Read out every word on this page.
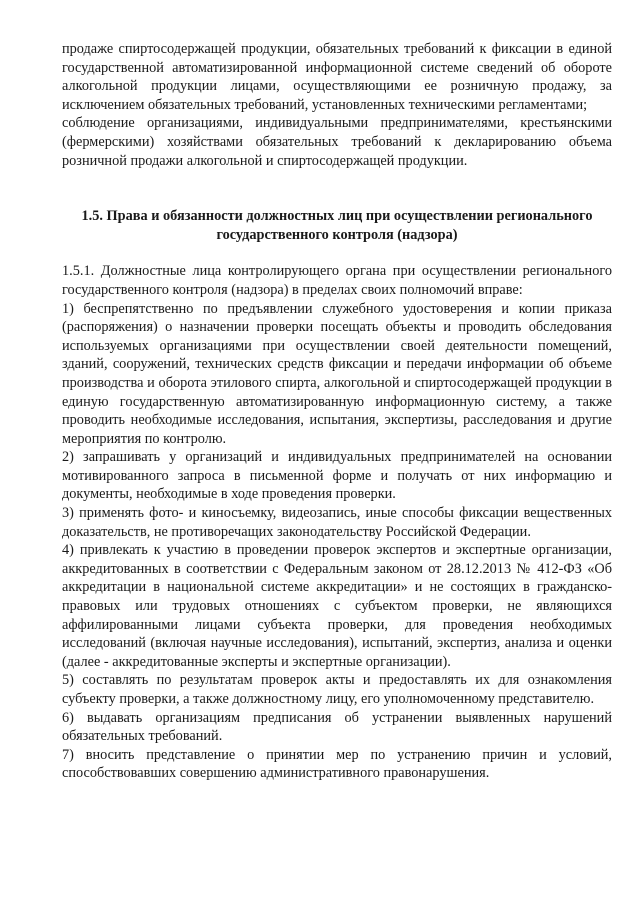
продаже спиртосодержащей продукции, обязательных требований к фиксации в единой государственной автоматизированной информационной системе сведений об обороте алкогольной продукции лицами, осуществляющими ее розничную продажу, за исключением обязательных требований, установленных техническими регламентами;

соблюдение организациями, индивидуальными предпринимателями, крестьянскими (фермерскими) хозяйствами обязательных требований к декларированию объема розничной продажи алкогольной и спиртосодержащей продукции.

1.5. Права и обязанности должностных лиц при осуществлении регионального государственного контроля (надзора)

1.5.1. Должностные лица контролирующего органа при осуществлении регионального государственного контроля (надзора) в пределах своих полномочий вправе:

1) беспрепятственно по предъявлении служебного удостоверения и копии приказа (распоряжения) о назначении проверки посещать объекты и проводить обследования используемых организациями при осуществлении своей деятельности помещений, зданий, сооружений, технических средств фиксации и передачи информации об объеме производства и оборота этилового спирта, алкогольной и спиртосодержащей продукции в единую государственную автоматизированную информационную систему, а также проводить необходимые исследования, испытания, экспертизы, расследования и другие мероприятия по контролю.

2) запрашивать у организаций и индивидуальных предпринимателей на основании мотивированного запроса в письменной форме и получать от них информацию и документы, необходимые в ходе проведения проверки.

3) применять фото- и киносъемку, видеозапись, иные способы фиксации вещественных доказательств, не противоречащих законодательству Российской Федерации.

4) привлекать к участию в проведении проверок экспертов и экспертные организации, аккредитованных в соответствии с Федеральным законом от 28.12.2013 № 412-ФЗ «Об аккредитации в национальной системе аккредитации» и не состоящих в гражданско-правовых или трудовых отношениях с субъектом проверки, не являющихся аффилированными лицами субъекта проверки, для проведения необходимых исследований (включая научные исследования), испытаний, экспертиз, анализа и оценки (далее - аккредитованные эксперты и экспертные организации).

5) составлять по результатам проверок акты и предоставлять их для ознакомления субъекту проверки, а также должностному лицу, его уполномоченному представителю.

6) выдавать организациям предписания об устранении выявленных нарушений обязательных требований.

7) вносить представление о принятии мер по устранению причин и условий, способствовавших совершению административного правонарушения.
